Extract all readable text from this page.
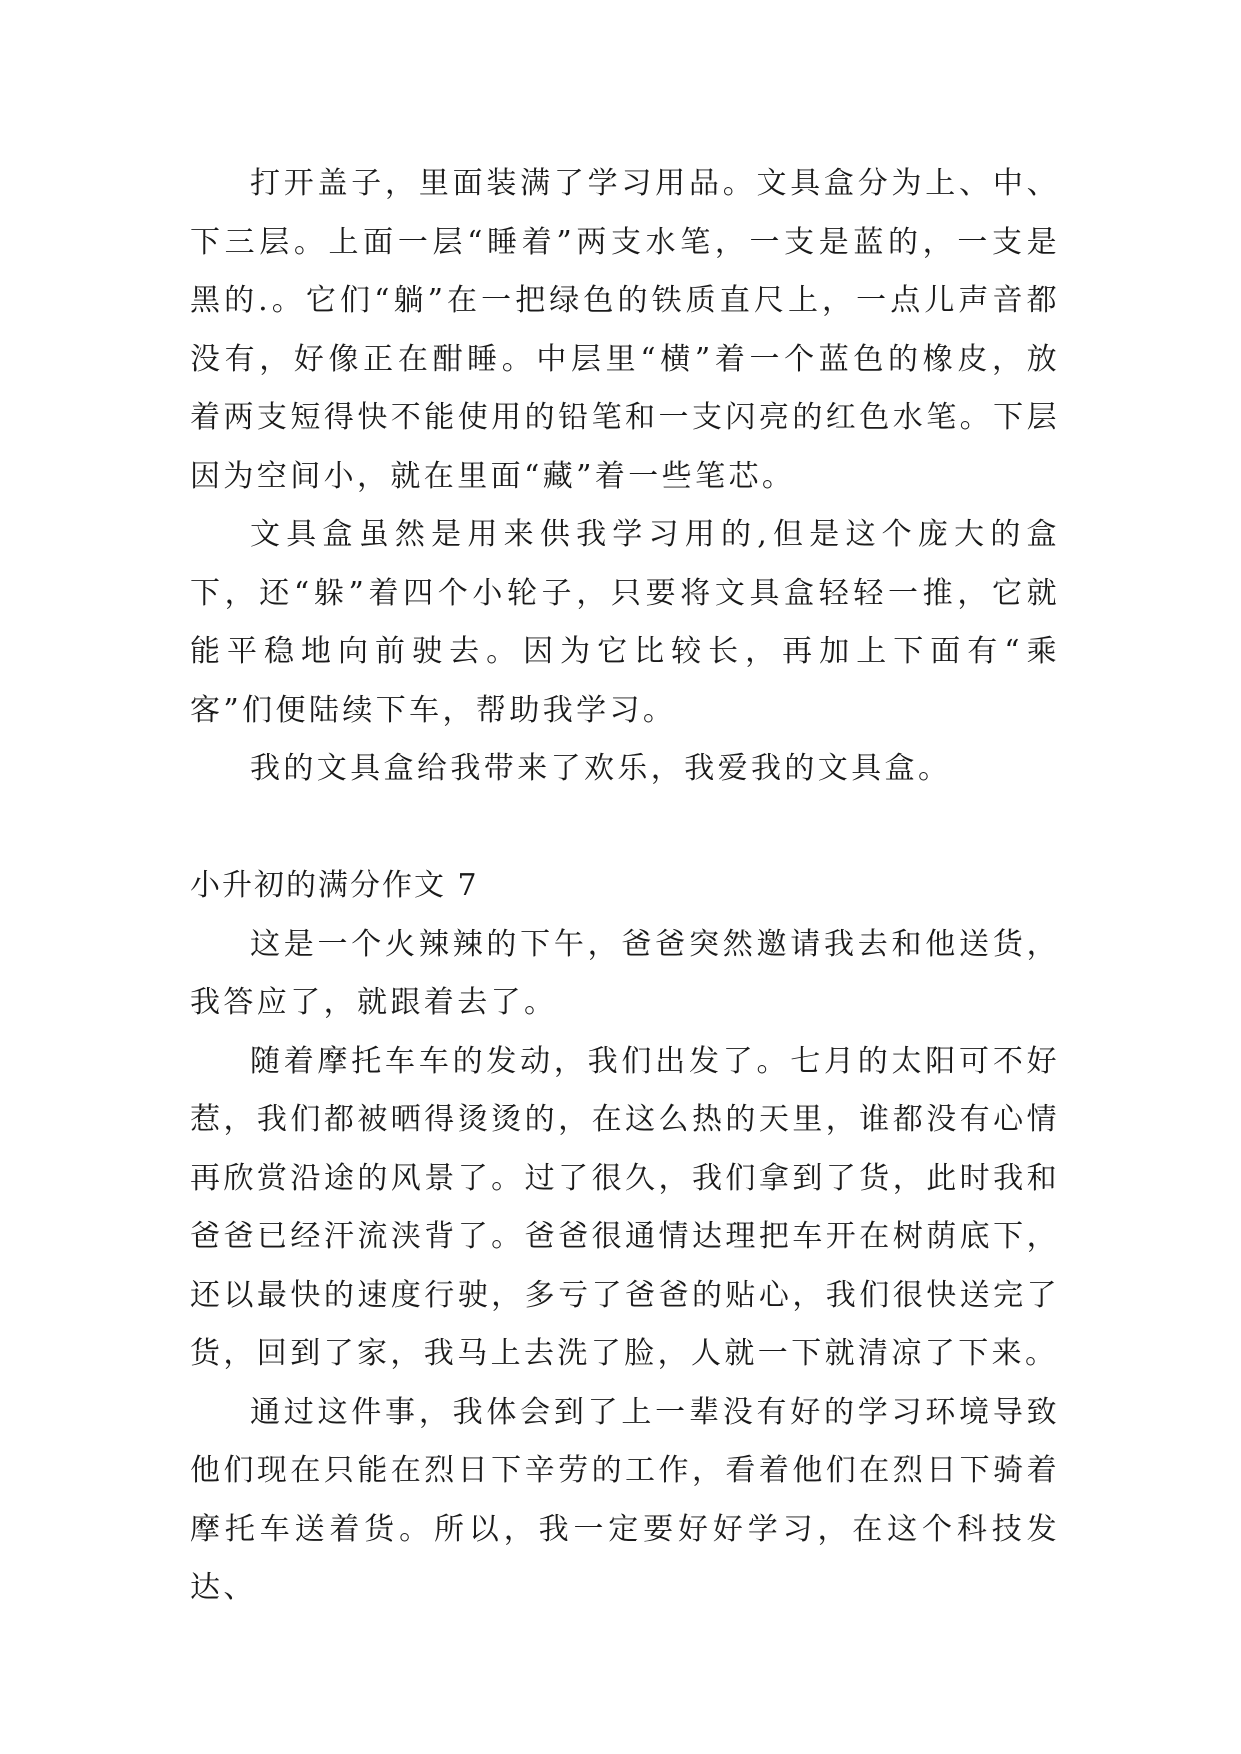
打开盖子，里面装满了学习用品。文具盒分为上、中、下三层。上面一层“睡着”两支水笔，一支是蓝的，一支是黑的.。它们“躺”在一把绿色的铁质直尺上，一点儿声音都没有，好像正在酣睡。中层里“横”着一个蓝色的橡皮，放着两支短得快不能使用的铅笔和一支闪亮的红色水笔。下层因为空间小，就在里面“藏”着一些笔芯。

文具盒虽然是用来供我学习用的,但是这个庞大的盒下，还“躲”着四个小轮子，只要将文具盒轻轻一推，它就能平稳地向前驶去。因为它比较长，再加上下面有“乘客”们便陆续下车，帮助我学习。

我的文具盒给我带来了欢乐，我爱我的文具盒。

小升初的满分作文 7

这是一个火辣辣的下午，爸爸突然邀请我去和他送货，我答应了，就跟着去了。

随着摩托车车的发动，我们出发了。七月的太阳可不好惹，我们都被晒得烫烫的，在这么热的天里，谁都没有心情再欣赏沿途的风景了。过了很久，我们拿到了货，此时我和爸爸已经汗流浃背了。爸爸很通情达理把车开在树荫底下，还以最快的速度行驶，多亏了爸爸的贴心，我们很快送完了货，回到了家，我马上去洗了脸，人就一下就清凉了下来。

通过这件事，我体会到了上一辈没有好的学习环境导致他们现在只能在烈日下辛劳的工作，看着他们在烈日下骑着摩托车送着货。所以，我一定要好好学习，在这个科技发达、
